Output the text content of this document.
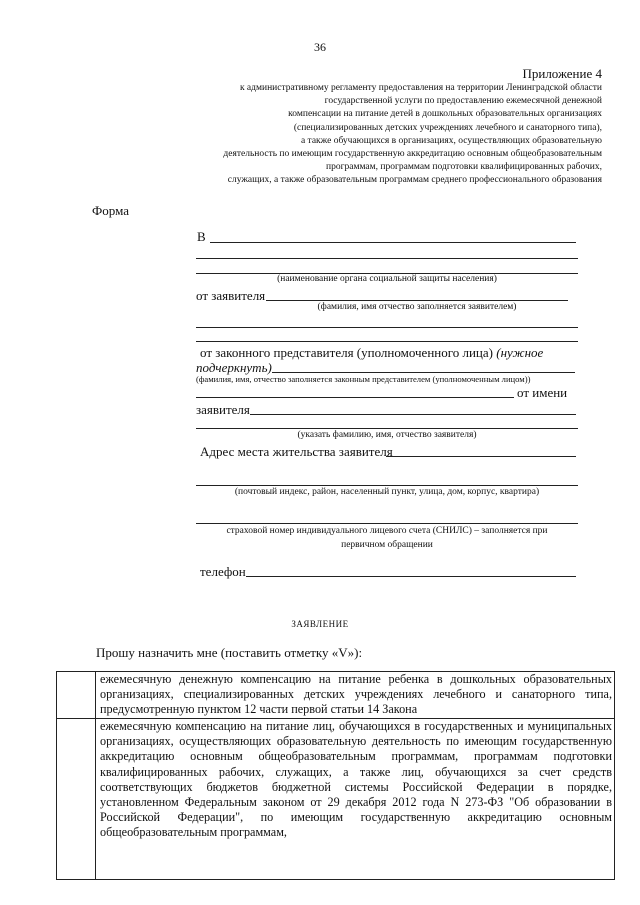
36
Приложение 4
к административному регламенту предоставления на территории Ленинградской области
государственной услуги по предоставлению ежемесячной денежной
компенсации на питание детей в дошкольных образовательных организациях
(специализированных детских учреждениях лечебного и санаторного типа),
а также обучающихся в организациях, осуществляющих образовательную
деятельность по имеющим государственную аккредитацию основным общеобразовательным
программам, программам подготовки квалифицированных рабочих,
служащих, а также образовательным программам среднего профессионального образования
Форма
В
(наименование органа социальной защиты населения)
от заявителя
(фамилия, имя отчество заполняется заявителем)
от законного представителя (уполномоченного лица) (нужное
подчеркнуть)
(фамилия, имя, отчество заполняется законным представителем (уполномоченным лицом))
от имени
заявителя
(указать фамилию, имя, отчество заявителя)
Адрес места жительства заявителя
(почтовый индекс, район, населенный пункт, улица, дом, корпус, квартира)
страховой номер индивидуального лицевого счета (СНИЛС) – заполняется при
первичном обращении
телефон
ЗАЯВЛЕНИЕ
Прошу назначить мне (поставить отметку «V»):
	ежемесячную денежную компенсацию на питание ребенка в дошкольных образовательных организациях, специализированных детских учреждениях лечебного и санаторного типа, предусмотренную пунктом 12 части первой статьи 14 Закона
	ежемесячную компенсацию на питание лиц, обучающихся в государственных и муниципальных организациях, осуществляющих образовательную деятельность по имеющим государственную аккредитацию основным общеобразовательным программам, программам подготовки квалифицированных рабочих, служащих, а также лиц, обучающихся за счет средств соответствующих бюджетов бюджетной системы Российской Федерации в порядке, установленном Федеральным законом от 29 декабря 2012 года N 273-ФЗ "Об образовании в Российской Федерации", по имеющим государственную аккредитацию основным общеобразовательным программам,
